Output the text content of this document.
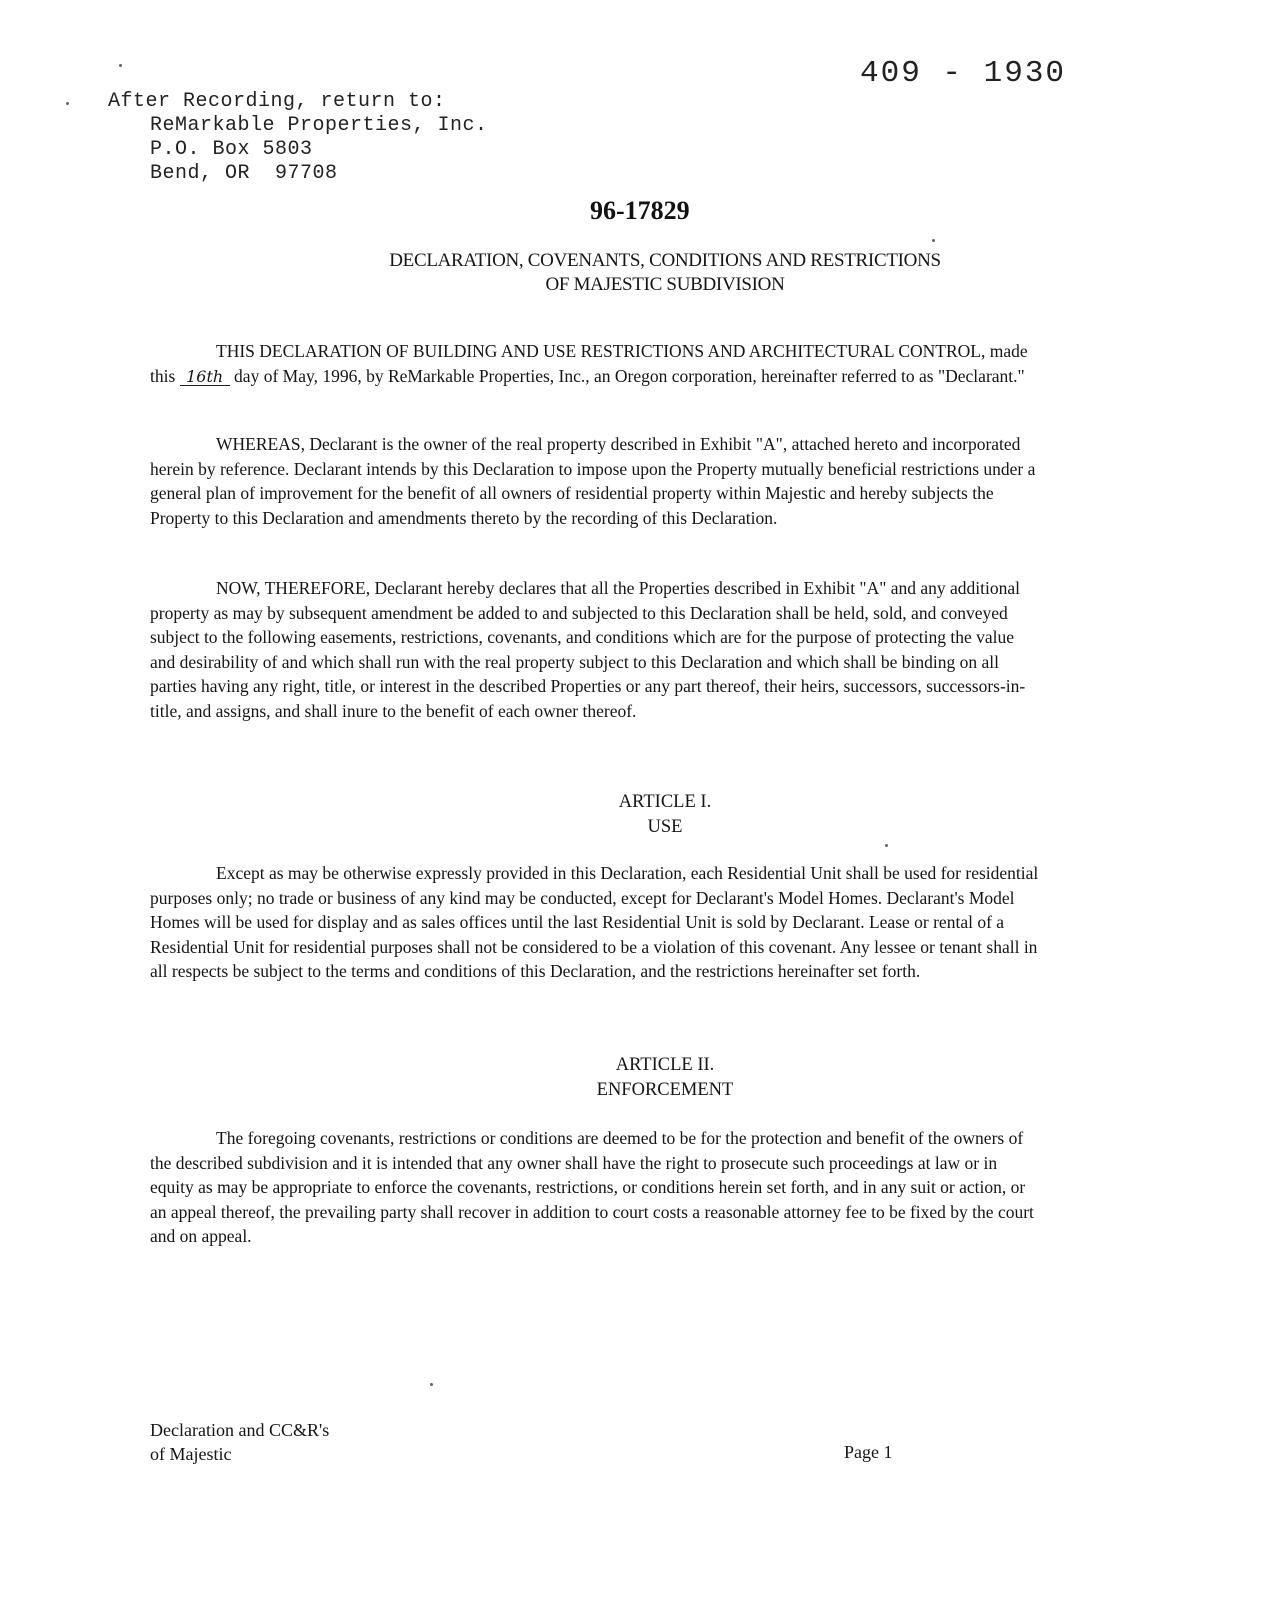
409 - 1930
After Recording, return to:
ReMarkable Properties, Inc.
P.O. Box 5803
Bend, OR  97708
96-17829
DECLARATION, COVENANTS, CONDITIONS AND RESTRICTIONS
OF MAJESTIC SUBDIVISION

THIS DECLARATION OF BUILDING AND USE RESTRICTIONS AND ARCHITECTURAL CONTROL, made this 16th day of May, 1996, by ReMarkable Properties, Inc., an Oregon corporation, hereinafter referred to as "Declarant."

WHEREAS, Declarant is the owner of the real property described in Exhibit "A", attached hereto and incorporated herein by reference. Declarant intends by this Declaration to impose upon the Property mutually beneficial restrictions under a general plan of improvement for the benefit of all owners of residential property within Majestic and hereby subjects the Property to this Declaration and amendments thereto by the recording of this Declaration.

NOW, THEREFORE, Declarant hereby declares that all the Properties described in Exhibit "A" and any additional property as may by subsequent amendment be added to and subjected to this Declaration shall be held, sold, and conveyed subject to the following easements, restrictions, covenants, and conditions which are for the purpose of protecting the value and desirability of and which shall run with the real property subject to this Declaration and which shall be binding on all parties having any right, title, or interest in the described Properties or any part thereof, their heirs, successors, successors-in-title, and assigns, and shall inure to the benefit of each owner thereof.

ARTICLE I.
USE

Except as may be otherwise expressly provided in this Declaration, each Residential Unit shall be used for residential purposes only; no trade or business of any kind may be conducted, except for Declarant's Model Homes. Declarant's Model Homes will be used for display and as sales offices until the last Residential Unit is sold by Declarant. Lease or rental of a Residential Unit for residential purposes shall not be considered to be a violation of this covenant. Any lessee or tenant shall in all respects be subject to the terms and conditions of this Declaration, and the restrictions hereinafter set forth.

ARTICLE II.
ENFORCEMENT

The foregoing covenants, restrictions or conditions are deemed to be for the protection and benefit of the owners of the described subdivision and it is intended that any owner shall have the right to prosecute such proceedings at law or in equity as may be appropriate to enforce the covenants, restrictions, or conditions herein set forth, and in any suit or action, or an appeal thereof, the prevailing party shall recover in addition to court costs a reasonable attorney fee to be fixed by the court and on appeal.

Declaration and CC&R's
of Majestic	Page 1
